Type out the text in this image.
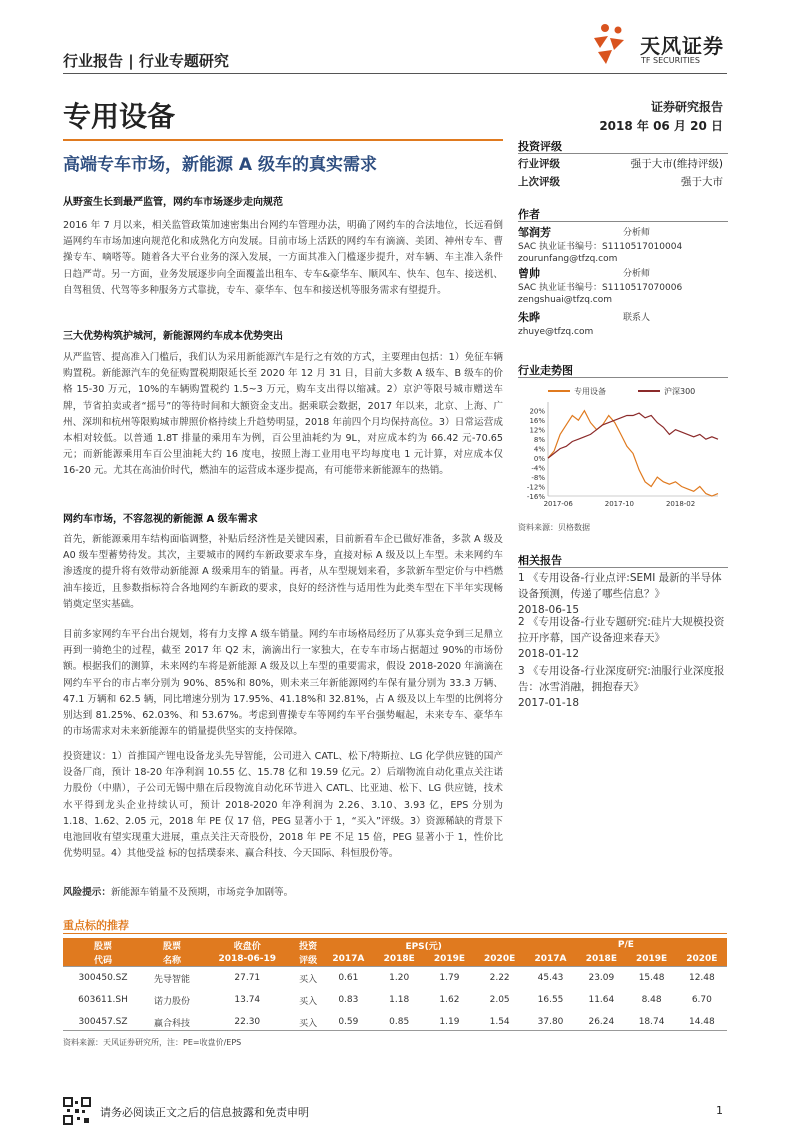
行业报告 | 行业专题研究
天风证券
TF SECURITIES
专用设备	证券研究报告
2018 年 06 月 20 日
高端专车市场，新能源 A 级车的真实需求
从野蛮生长到最严监管，网约车市场逐步走向规范
2016 年 7 月以来，相关监管政策加速密集出台网约车管理办法，明确了网约车的合法地位，长远看倒逼网约车市场加速向规范化和成熟化方向发展。目前市场上活跃的网约车有滴滴、美团、神州专车、曹操专车、嘀嗒等。随着各大平台业务的深入发展，一方面其准入门槛逐步提升，对车辆、车主准入条件日趋严苛。另一方面，业务发展逐步向全面覆盖出租车、专车&豪华车、顺风车、快车、包车、接送机、自驾租赁、代驾等多种服务方式靠拢，专车、豪华车、包车和接送机等服务需求有望提升。
三大优势构筑护城河，新能源网约车成本优势突出
从严监管、提高准入门槛后，我们认为采用新能源汽车是行之有效的方式，主要理由包括：1）免征车辆购置税。新能源汽车的免征购置税期限延长至 2020 年 12 月 31 日，目前大多数 A 级车、B 级车的价格 15-30 万元，10%的车辆购置税约 1.5~3 万元，购车支出得以缩减。2）京沪等限号城市赠送车牌，节省拍卖或者“摇号”的等待时间和大额资金支出。据乘联会数据，2017 年以来，北京、上海、广州、深圳和杭州等限购城市牌照价格持续上升趋势明显，2018 年前四个月均保持高位。3）日常运营成本相对较低。以普通 1.8T 排量的乘用车为例，百公里油耗约为 9L，对应成本约为 66.42 元-70.65 元；而新能源乘用车百公里油耗大约 16 度电，按照上海工业用电平均每度电 1 元计算，对应成本仅 16-20 元。尤其在高油价时代，燃油车的运营成本逐步提高，有可能带来新能源车的热销。
网约车市场，不容忽视的新能源 A 级车需求
首先，新能源乘用车结构面临调整，补贴后经济性是关键因素，目前新看车企已做好准备，多款 A 级及 A0 级车型蓄势待发。其次，主要城市的网约车新政要求车身，直接对标 A 级及以上车型。未来网约车渗透度的提升将有效带动新能源 A 级乘用车的销量。再者，从车型规划来看，多款新车型定价与中档燃油车接近，且参数指标符合各地网约车新政的要求，良好的经济性与适用性为此类车型在下半年实现畅销奠定坚实基础。
目前多家网约车平台出台规划，将有力支撑 A 级车销量。网约车市场格局经历了从寡头竞争到三足鼎立再到一骑绝尘的过程，截至 2017 年 Q2 末，滴滴出行一家独大，在专车市场占据超过 90%的市场份额。根据我们的测算，未来网约车将是新能源 A 级及以上车型的重要需求，假设 2018-2020 年滴滴在网约车平台的市占率分别为 90%、85%和 80%，则未来三年新能源网约车保有量分别为 33.3 万辆、47.1 万辆和 62.5 辆，同比增速分别为 17.95%、41.18%和 32.81%，占 A 级及以上车型的比例将分别达到 81.25%、62.03%、和 53.67%。考虑到曹操专车等网约车平台强势崛起，未来专车、豪华车的市场需求对未来新能源车的销量提供坚实的支持保障。
投资建议：1）首推国产锂电设备龙头先导智能，公司进入 CATL、松下/特斯拉、LG 化学供应链的国产设备厂商，预计 18-20 年净利润 10.55 亿、15.78 亿和 19.59 亿元。2）后端物流自动化重点关注诺力股份（中鼎），子公司无锡中鼎在后段物流自动化环节进入 CATL、比亚迪、松下、LG 供应链，技术水平得到龙头企业持续认可，预计 2018-2020 年净利润为 2.26、3.10、3.93 亿，EPS 分别为 1.18、1.62、2.05 元，2018 年 PE 仅 17 倍，PEG 显著小于 1，“买入”评级。3）资源稀缺的背景下电池回收有望实现重大进展，重点关注天奇股份，2018 年 PE 不足 15 倍，PEG 显著小于 1，性价比优势明显。4）其他受益 标的包括璞泰来、赢合科技、今天国际、科恒股份等。
风险提示：新能源车销量不及预期，市场竞争加剧等。
投资评级
行业评级	强于大市(维持评级)
上次评级	强于大市
作者
邹润芳	分析师

SAC 执业证书编号：S1110517010004
zourunfang@tfzq.com
曾帅	分析师

SAC 执业证书编号：S1110517070006
zengshuai@tfzq.com
朱晔	联系人

zhuye@tfzq.com
行业走势图
专用设备	沪深300
20%
16%
12%
8%
4%
0%
-4%
-8%
-12%
-16%
2017-06	2017-10	2018-02
资料来源：贝格数据
相关报告
1 《专用设备-行业点评:SEMI 最新的半导体设备预测，传递了哪些信息？》
2018-06-15
2 《专用设备-行业专题研究:硅片大规模投资拉开序幕，国产设备迎来春天》
2018-01-12
3 《专用设备-行业深度研究:油服行业深度报告：冰雪消融，拥抱春天》
2017-01-18
重点标的推荐
股票	股票	收盘价	投资	EPS(元)				P/E			
代码	名称	2018-06-19	评级	2017A	2018E	2019E	2020E	2017A	2018E	2019E	2020E
300450.SZ	先导智能	27.71	买入	0.61	1.20	1.79	2.22	45.43	23.09	15.48	12.48
603611.SH	诺力股份	13.74	买入	0.83	1.18	1.62	2.05	16.55	11.64	8.48	6.70
300457.SZ	赢合科技	22.30	买入	0.59	0.85	1.19	1.54	37.80	26.24	18.74	14.48
资料来源：天风证券研究所，注：PE=收盘价/EPS
请务必阅读正文之后的信息披露和免责申明	1
